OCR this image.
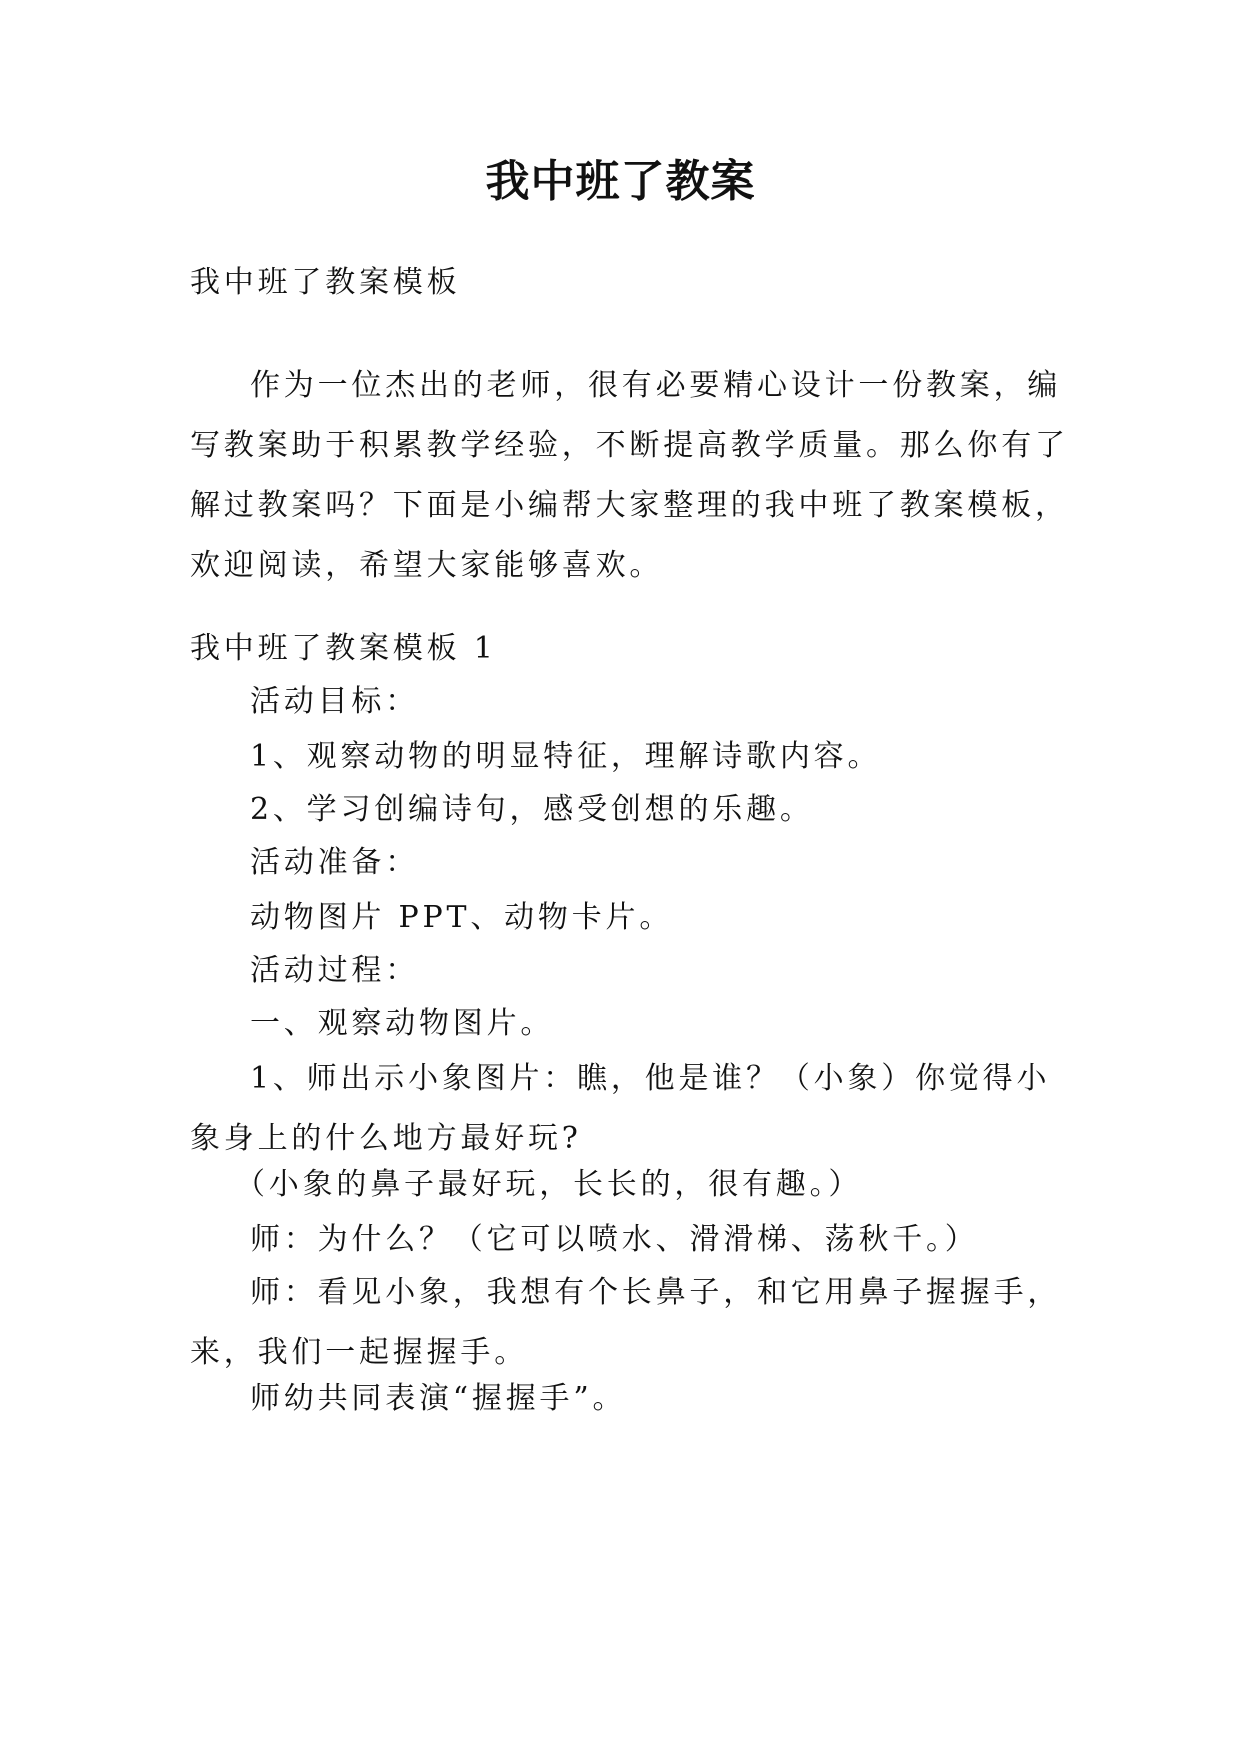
我中班了教案

我中班了教案模板

作为一位杰出的老师，很有必要精心设计一份教案，编
写教案助于积累教学经验，不断提高教学质量。那么你有了
解过教案吗？下面是小编帮大家整理的我中班了教案模板，
欢迎阅读，希望大家能够喜欢。

我中班了教案模板 1

活动目标：

1、观察动物的明显特征，理解诗歌内容。

2、学习创编诗句，感受创想的乐趣。

活动准备：

动物图片 PPT、动物卡片。

活动过程：

一、观察动物图片。

1、师出示小象图片：瞧，他是谁？（小象）你觉得小
象身上的什么地方最好玩?

（小象的鼻子最好玩，长长的，很有趣。）

师：为什么？（它可以喷水、滑滑梯、荡秋千。）

师：看见小象，我想有个长鼻子，和它用鼻子握握手，
来，我们一起握握手。

师幼共同表演“握握手”。
